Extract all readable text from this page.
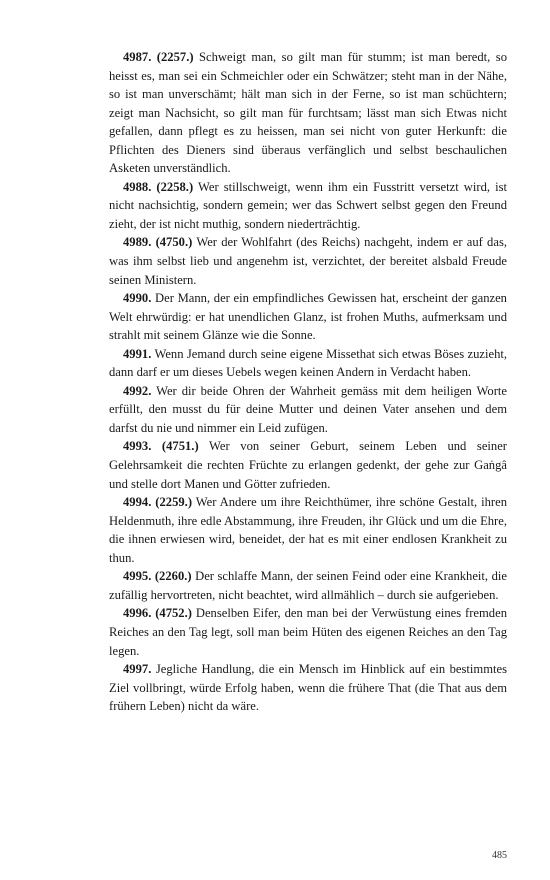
4987. (2257.) Schweigt man, so gilt man für stumm; ist man beredt, so heisst es, man sei ein Schmeichler oder ein Schwätzer; steht man in der Nähe, so ist man unverschämt; hält man sich in der Ferne, so ist man schüchtern; zeigt man Nachsicht, so gilt man für furchtsam; lässt man sich Etwas nicht gefallen, dann pflegt es zu heissen, man sei nicht von guter Herkunft: die Pflichten des Dieners sind überaus verfänglich und selbst beschaulichen Asketen unverständlich.

4988. (2258.) Wer stillschweigt, wenn ihm ein Fusstritt versetzt wird, ist nicht nachsichtig, sondern gemein; wer das Schwert selbst gegen den Freund zieht, der ist nicht muthig, sondern niederträchtig.

4989. (4750.) Wer der Wohlfahrt (des Reichs) nachgeht, indem er auf das, was ihm selbst lieb und angenehm ist, verzichtet, der bereitet alsbald Freude seinen Ministern.

4990. Der Mann, der ein empfindliches Gewissen hat, erscheint der ganzen Welt ehrwürdig: er hat unendlichen Glanz, ist frohen Muths, aufmerksam und strahlt mit seinem Glänze wie die Sonne.

4991. Wenn Jemand durch seine eigene Missethat sich etwas Böses zuzieht, dann darf er um dieses Uebels wegen keinen Andern in Verdacht haben.

4992. Wer dir beide Ohren der Wahrheit gemäss mit dem heiligen Worte erfüllt, den musst du für deine Mutter und deinen Vater ansehen und dem darfst du nie und nimmer ein Leid zufügen.

4993. (4751.) Wer von seiner Geburt, seinem Leben und seiner Gelehrsamkeit die rechten Früchte zu erlangen gedenkt, der gehe zur Gaṅgâ und stelle dort Manen und Götter zufrieden.

4994. (2259.) Wer Andere um ihre Reichthümer, ihre schöne Gestalt, ihren Heldenmuth, ihre edle Abstammung, ihre Freuden, ihr Glück und um die Ehre, die ihnen erwiesen wird, beneidet, der hat es mit einer endlosen Krankheit zu thun.

4995. (2260.) Der schlaffe Mann, der seinen Feind oder eine Krankheit, die zufällig hervortreten, nicht beachtet, wird allmählich – durch sie aufgerieben.

4996. (4752.) Denselben Eifer, den man bei der Verwüstung eines fremden Reiches an den Tag legt, soll man beim Hüten des eigenen Reiches an den Tag legen.

4997. Jegliche Handlung, die ein Mensch im Hinblick auf ein bestimmtes Ziel vollbringt, würde Erfolg haben, wenn die frühere That (die That aus dem frühern Leben) nicht da wäre.

485
